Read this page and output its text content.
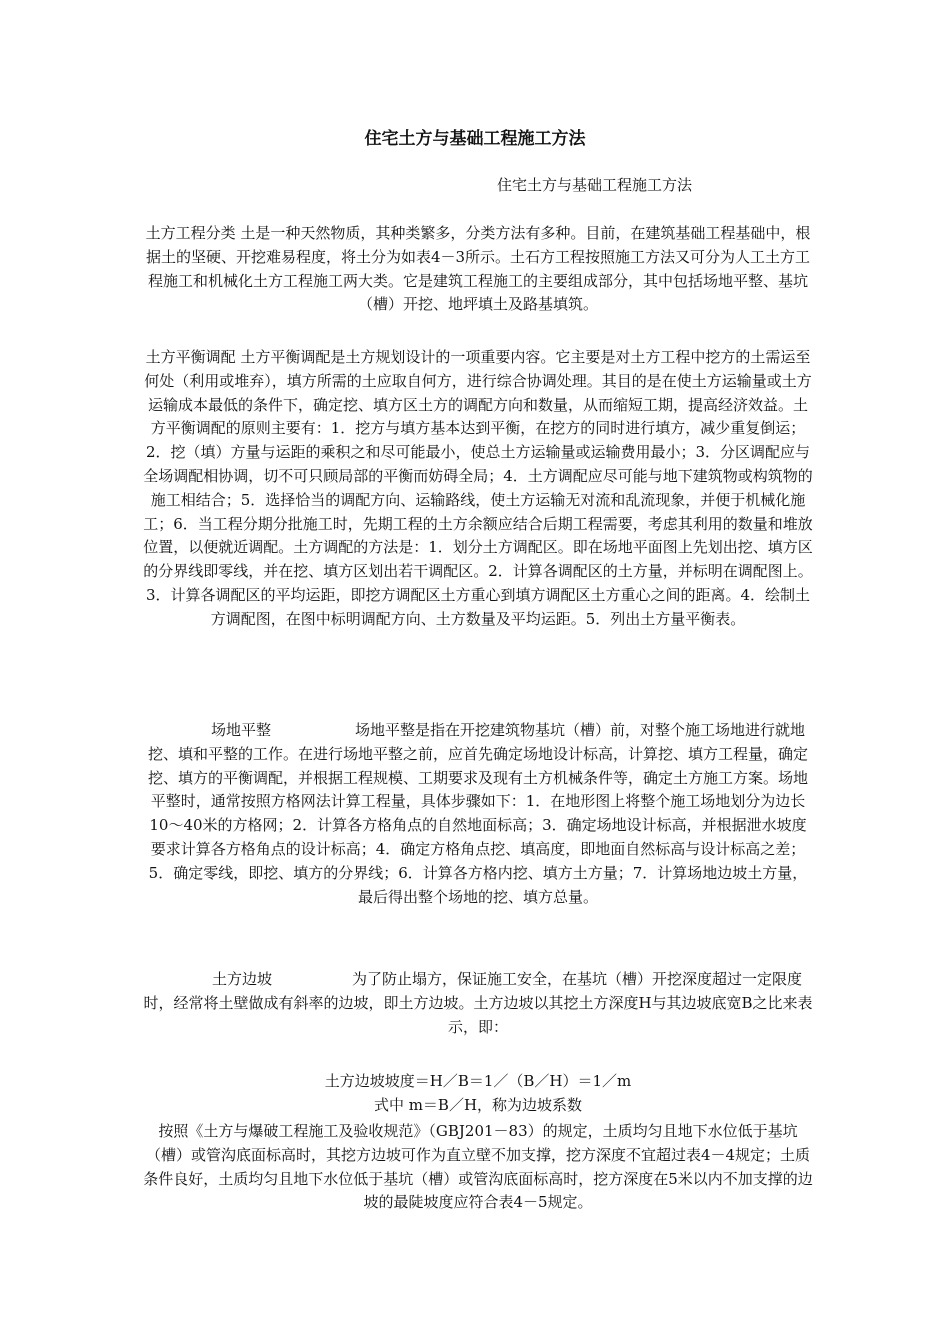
住宅土方与基础工程施工方法
住宅土方与基础工程施工方法
土方工程分类 土是一种天然物质，其种类繁多，分类方法有多种。目前，在建筑基础工程基础中，根据土的坚硬、开挖难易程度，将土分为如表4－3所示。土石方工程按照施工方法又可分为人工土方工程施工和机械化土方工程施工两大类。它是建筑工程施工的主要组成部分，其中包括场地平整、基坑（槽）开挖、地坪填土及路基填筑。
土方平衡调配 土方平衡调配是土方规划设计的一项重要内容。它主要是对土方工程中挖方的土需运至何处（利用或堆弃），填方所需的土应取自何方，进行综合协调处理。其目的是在使土方运输量或土方运输成本最低的条件下，确定挖、填方区土方的调配方向和数量，从而缩短工期，提高经济效益。土方平衡调配的原则主要有：1．挖方与填方基本达到平衡，在挖方的同时进行填方，减少重复倒运；2．挖（填）方量与运距的乘积之和尽可能最小，使总土方运输量或运输费用最小；3．分区调配应与全场调配相协调，切不可只顾局部的平衡而妨碍全局；4．土方调配应尽可能与地下建筑物或构筑物的施工相结合；5．选择恰当的调配方向、运输路线，使土方运输无对流和乱流现象，并便于机械化施工；6．当工程分期分批施工时，先期工程的土方余额应结合后期工程需要，考虑其利用的数量和堆放位置，以便就近调配。土方调配的方法是：1．划分土方调配区。即在场地平面图上先划出挖、填方区的分界线即零线，并在挖、填方区划出若干调配区。2．计算各调配区的土方量，并标明在调配图上。3．计算各调配区的平均运距，即挖方调配区土方重心到填方调配区土方重心之间的距离。4．绘制土方调配图，在图中标明调配方向、土方数量及平均运距。5．列出土方量平衡表。
场地平整	场地平整是指在开挖建筑物基坑（槽）前，对整个施工场地进行就地挖、填和平整的工作。在进行场地平整之前，应首先确定场地设计标高，计算挖、填方工程量，确定挖、填方的平衡调配，并根据工程规模、工期要求及现有土方机械条件等，确定土方施工方案。场地平整时，通常按照方格网法计算工程量，具体步骤如下：1．在地形图上将整个施工场地划分为边长10～40米的方格网；2．计算各方格角点的自然地面标高；3．确定场地设计标高，并根据泄水坡度要求计算各方格角点的设计标高；4．确定方格角点挖、填高度，即地面自然标高与设计标高之差；5．确定零线，即挖、填方的分界线；6．计算各方格内挖、填方土方量；7．计算场地边坡土方量，最后得出整个场地的挖、填方总量。
土方边坡	为了防止塌方，保证施工安全，在基坑（槽）开挖深度超过一定限度时，经常将土壁做成有斜率的边坡，即土方边坡。土方边坡以其挖土方深度H与其边坡底宽B之比来表示，即：
土方边坡坡度＝H／B＝1／（B／H）＝1／m
式中 m＝B／H，称为边坡系数
按照《土方与爆破工程施工及验收规范》（GBJ201－83）的规定，土质均匀且地下水位低于基坑（槽）或管沟底面标高时，其挖方边坡可作为直立壁不加支撑，挖方深度不宜超过表4－4规定；土质条件良好，土质均匀且地下水位低于基坑（槽）或管沟底面标高时，挖方深度在5米以内不加支撑的边坡的最陡坡度应符合表4－5规定。
